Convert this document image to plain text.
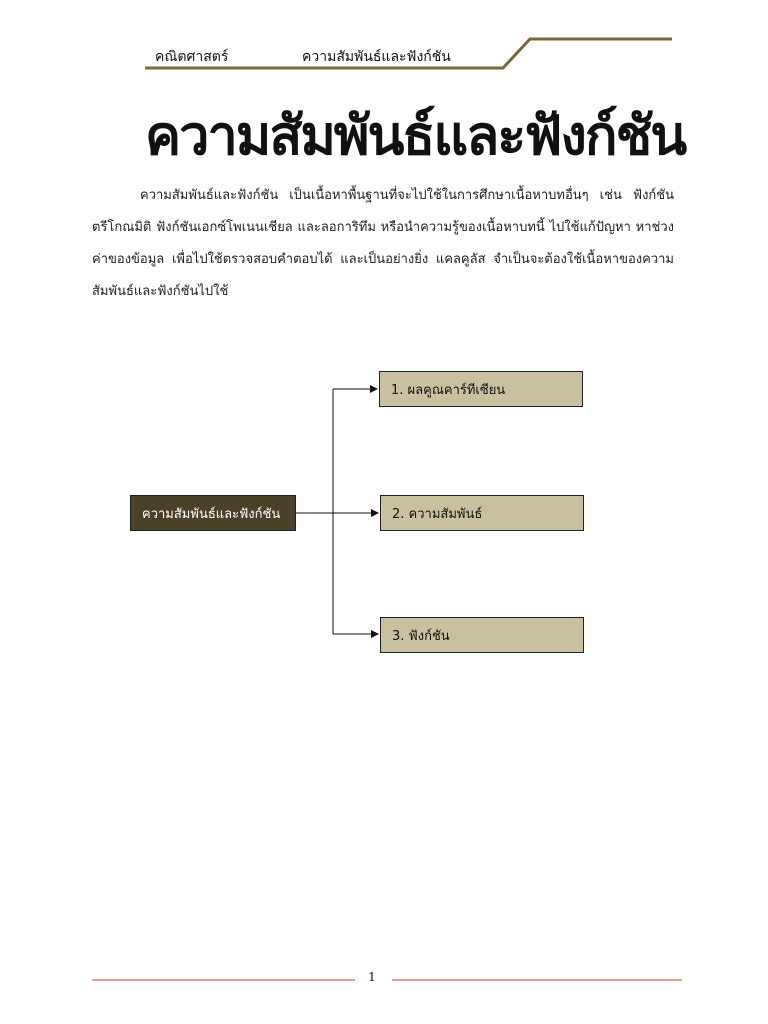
คณิตศาสตร์	ความสัมพันธ์และฟังก์ชัน
ความสัมพันธ์และฟังก์ชัน

ความสัมพันธ์และฟังก์ชัน เป็นเนื้อหาพื้นฐานที่จะไปใช้ในการศึกษาเนื้อหาบทอื่นๆ เช่น ฟังก์ชันตรีโกณมิติ ฟังก์ชันเอกซ์โพเนนเชียล และลอการิทึม หรือนำความรู้ของเนื้อหาบทนี้ ไปใช้แก้ปัญหา หาช่วงค่าของข้อมูล เพื่อไปใช้ตรวจสอบคำตอบได้ และเป็นอย่างยิ่ง แคลคูลัส จำเป็นจะต้องใช้เนื้อหาของความสัมพันธ์และฟังก์ชันไปใช้

ความสัมพันธ์และฟังก์ชัน
1. ผลคูณคาร์ทีเซียน
2. ความสัมพันธ์
3. ฟังก์ชัน
1
